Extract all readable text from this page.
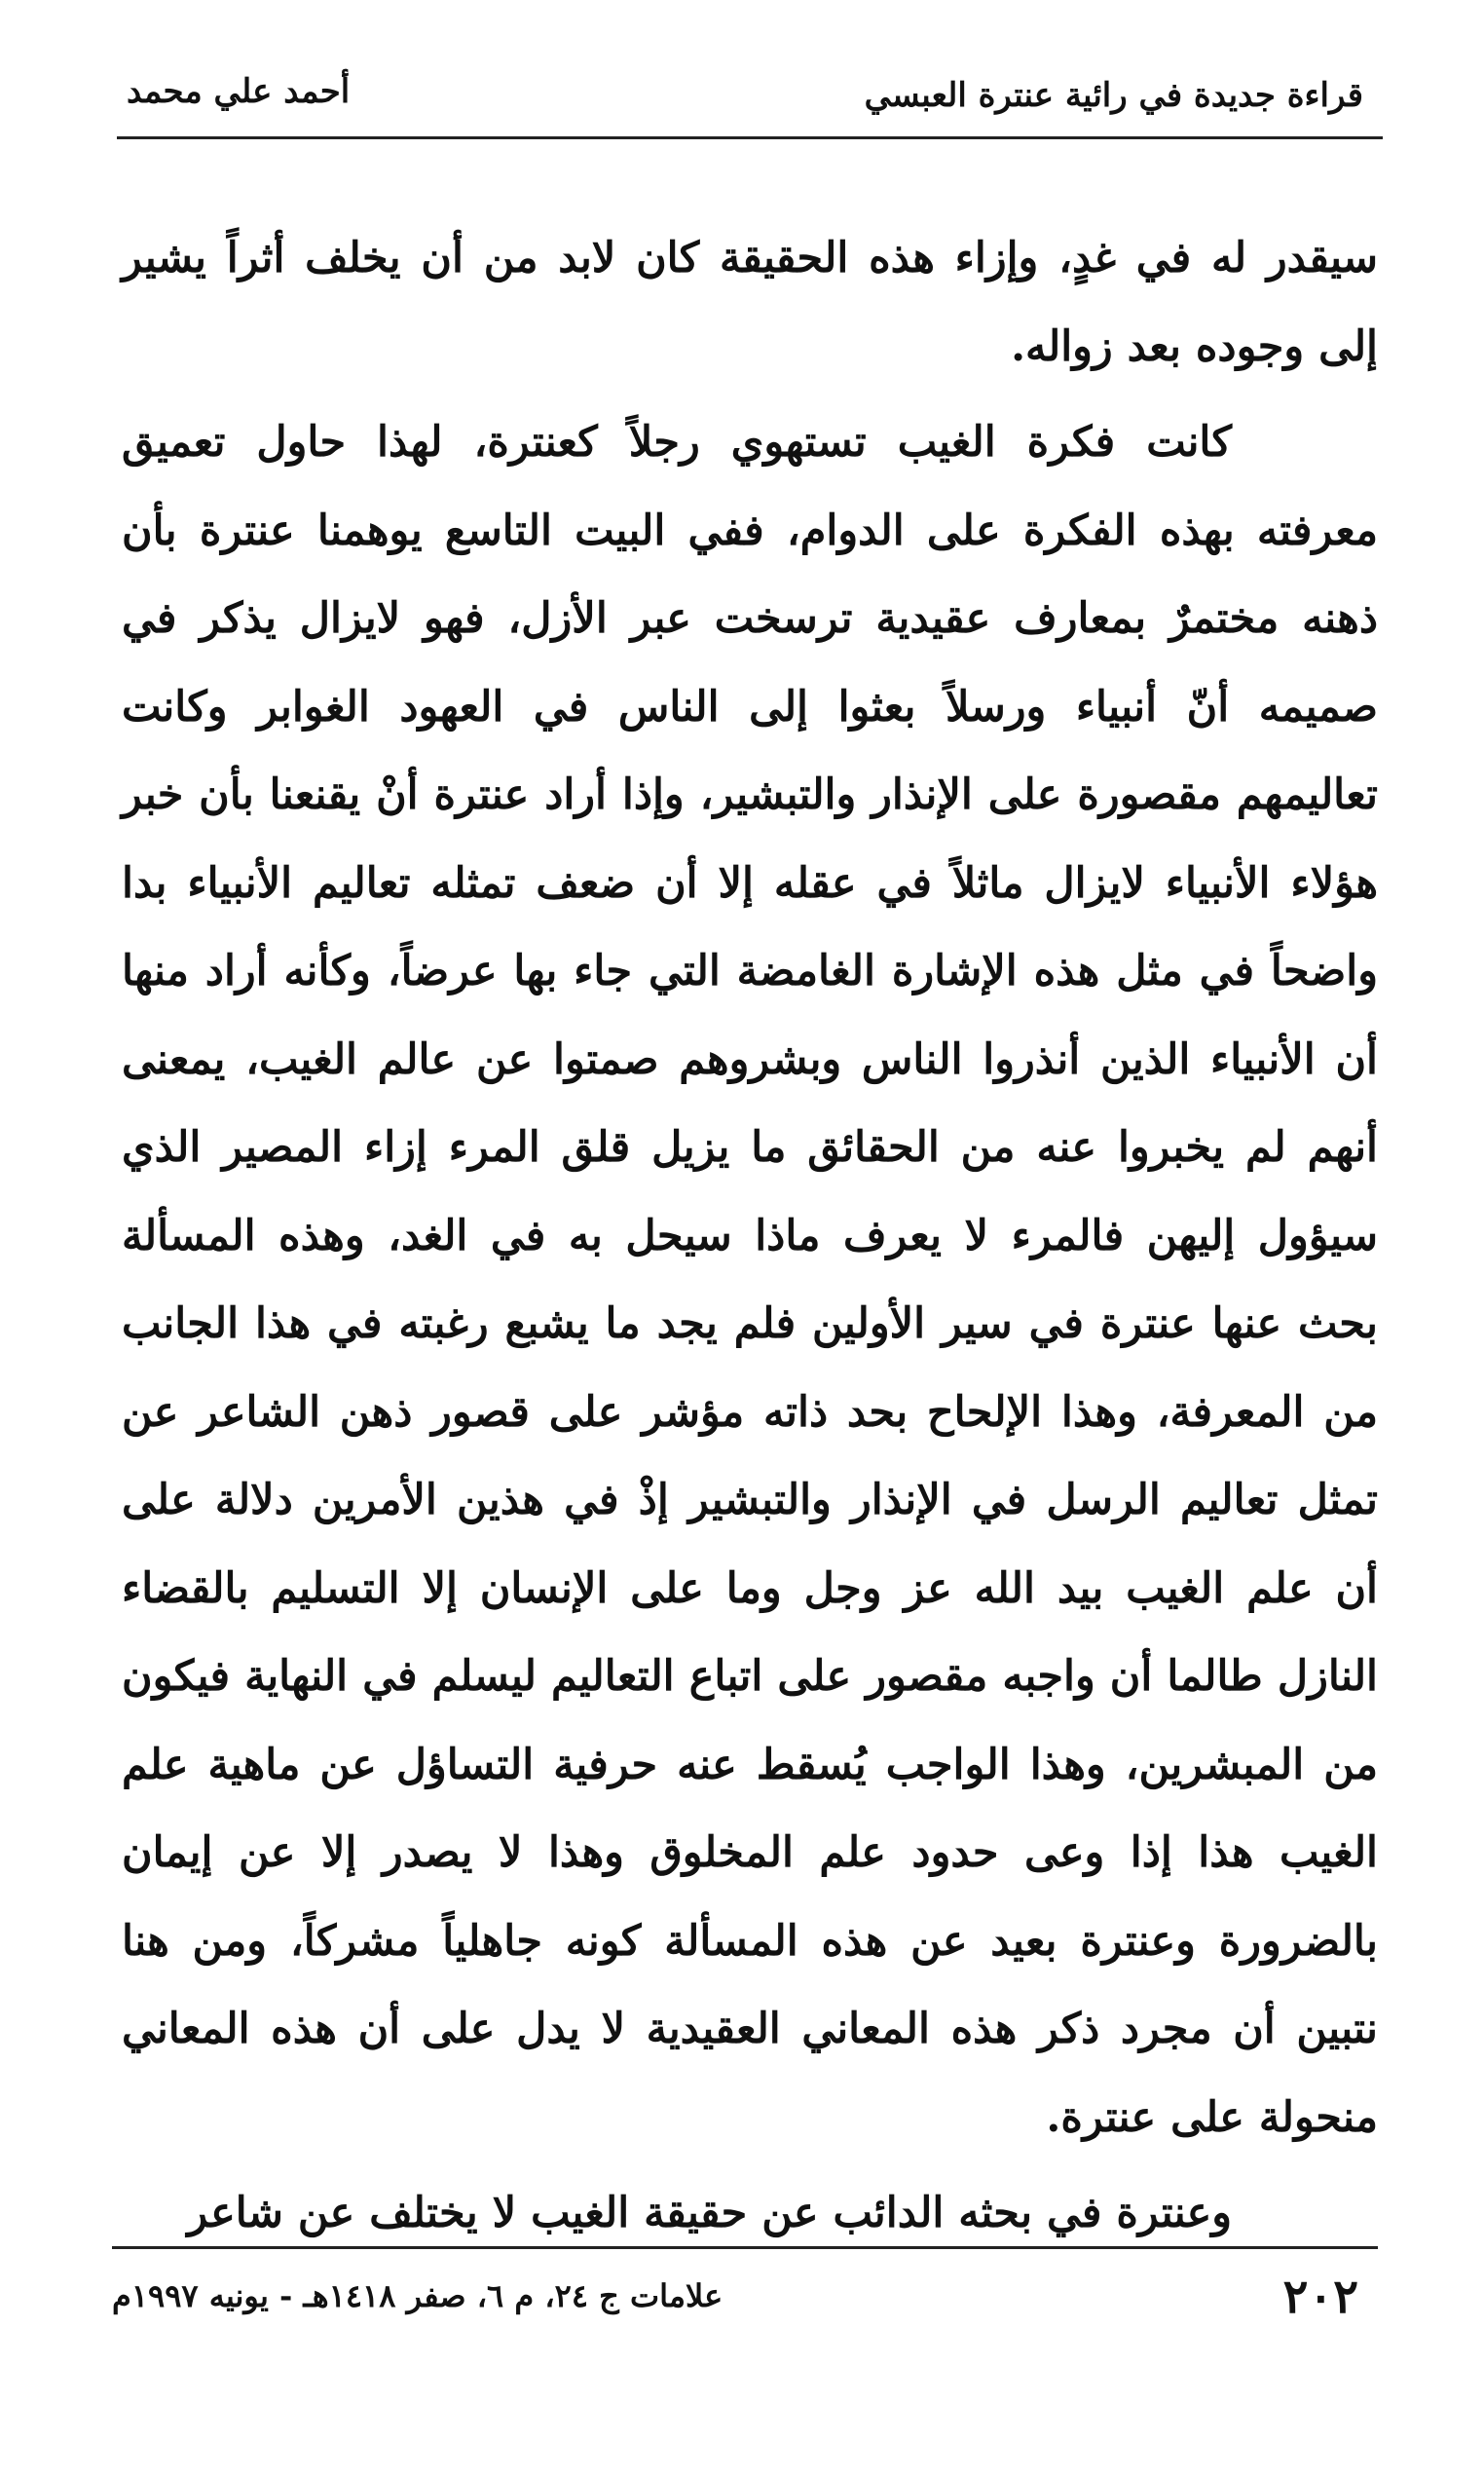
قراءة جديدة في رائية عنترة العبسي
أحمد علي محمد

سيقدر له في غدٍ، وإزاء هذه الحقيقة كان لابد من أن يخلف أثراً يشير إلى وجوده بعد زواله.

كانت فكرة الغيب تستهوي رجلاً كعنترة، لهذا حاول تعميق معرفته بهذه الفكرة على الدوام، ففي البيت التاسع يوهمنا عنترة بأن ذهنه مختمرٌ بمعارف عقيدية ترسخت عبر الأزل، فهو لايزال يذكر في صميمه أنّ أنبياء ورسلاً بعثوا إلى الناس في العهود الغوابر وكانت تعاليمهم مقصورة على الإنذار والتبشير، وإذا أراد عنترة أنْ يقنعنا بأن خبر هؤلاء الأنبياء لايزال ماثلاً في عقله إلا أن ضعف تمثله تعاليم الأنبياء بدا واضحاً في مثل هذه الإشارة الغامضة التي جاء بها عرضاً، وكأنه أراد منها أن الأنبياء الذين أنذروا الناس وبشروهم صمتوا عن عالم الغيب، يمعنى أنهم لم يخبروا عنه من الحقائق ما يزيل قلق المرء إزاء المصير الذي سيؤول إليهن فالمرء لا يعرف ماذا سيحل به في الغد، وهذه المسألة بحث عنها عنترة في سير الأولين فلم يجد ما يشبع رغبته في هذا الجانب من المعرفة، وهذا الإلحاح بحد ذاته مؤشر على قصور ذهن الشاعر عن تمثل تعاليم الرسل في الإنذار والتبشير إذْ في هذين الأمرين دلالة على أن علم الغيب بيد الله عز وجل وما على الإنسان إلا التسليم بالقضاء النازل طالما أن واجبه مقصور على اتباع التعاليم ليسلم في النهاية فيكون من المبشرين، وهذا الواجب يُسقط عنه حرفية التساؤل عن ماهية علم الغيب هذا إذا وعى حدود علم المخلوق وهذا لا يصدر إلا عن إيمان بالضرورة وعنترة بعيد عن هذه المسألة كونه جاهلياً مشركاً، ومن هنا نتبين أن مجرد ذكر هذه المعاني العقيدية لا يدل على أن هذه المعاني منحولة على عنترة.

وعنترة في بحثه الدائب عن حقيقة الغيب لا يختلف عن شاعر

٢٠٢
علامات ج ٢٤، م ٦، صفر ١٤١٨هـ - يونيه ١٩٩٧م
